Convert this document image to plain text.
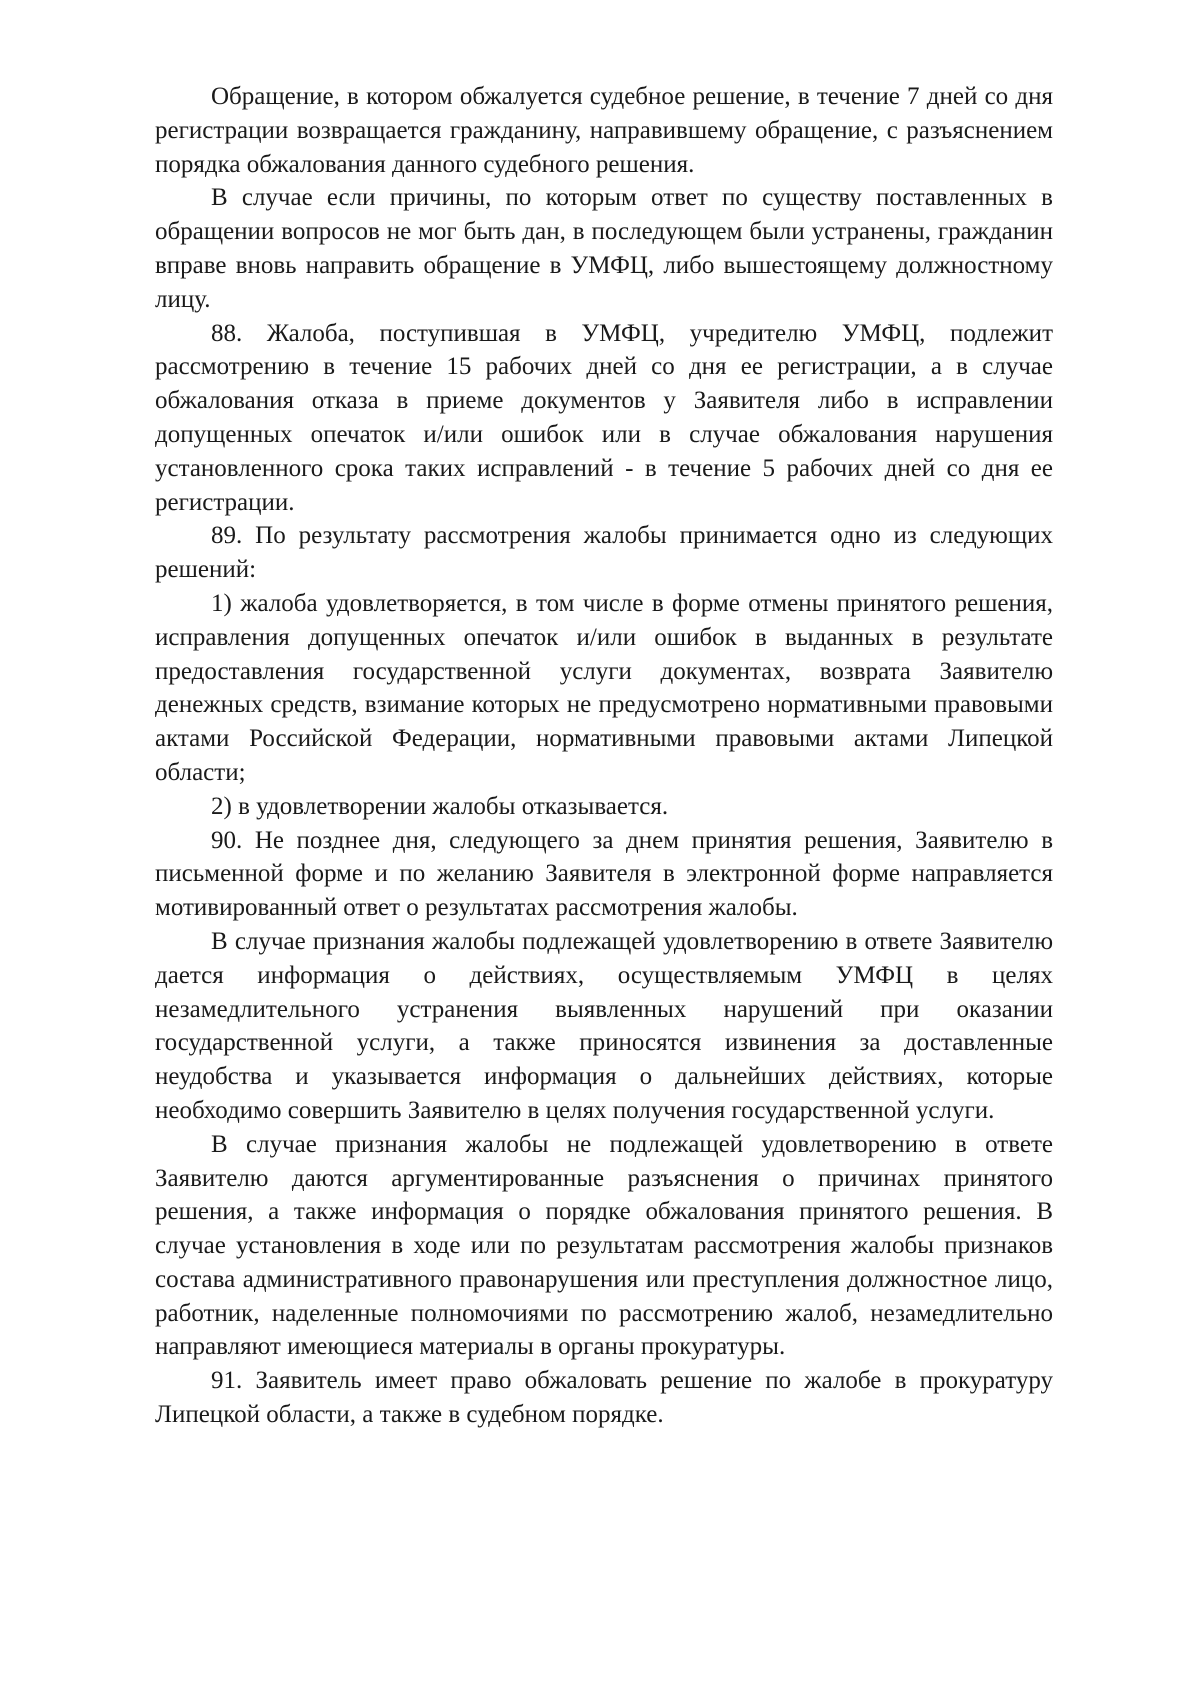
Обращение, в котором обжалуется судебное решение, в течение 7 дней со дня регистрации возвращается гражданину, направившему обращение, с разъяснением порядка обжалования данного судебного решения.

В случае если причины, по которым ответ по существу поставленных в обращении вопросов не мог быть дан, в последующем были устранены, гражданин вправе вновь направить обращение в УМФЦ, либо вышестоящему должностному лицу.

88. Жалоба, поступившая в УМФЦ, учредителю УМФЦ, подлежит рассмотрению в течение 15 рабочих дней со дня ее регистрации, а в случае обжалования отказа в приеме документов у Заявителя либо в исправлении допущенных опечаток и/или ошибок или в случае обжалования нарушения установленного срока таких исправлений - в течение 5 рабочих дней со дня ее регистрации.

89. По результату рассмотрения жалобы принимается одно из следующих решений:

1) жалоба удовлетворяется, в том числе в форме отмены принятого решения, исправления допущенных опечаток и/или ошибок в выданных в результате предоставления государственной услуги документах, возврата Заявителю денежных средств, взимание которых не предусмотрено нормативными правовыми актами Российской Федерации, нормативными правовыми актами Липецкой области;

2) в удовлетворении жалобы отказывается.

90. Не позднее дня, следующего за днем принятия решения, Заявителю в письменной форме и по желанию Заявителя в электронной форме направляется мотивированный ответ о результатах рассмотрения жалобы.

В случае признания жалобы подлежащей удовлетворению в ответе Заявителю дается информация о действиях, осуществляемым УМФЦ в целях незамедлительного устранения выявленных нарушений при оказании государственной услуги, а также приносятся извинения за доставленные неудобства и указывается информация о дальнейших действиях, которые необходимо совершить Заявителю в целях получения государственной услуги.

В случае признания жалобы не подлежащей удовлетворению в ответе Заявителю даются аргументированные разъяснения о причинах принятого решения, а также информация о порядке обжалования принятого решения. В случае установления в ходе или по результатам рассмотрения жалобы признаков состава административного правонарушения или преступления должностное лицо, работник, наделенные полномочиями по рассмотрению жалоб, незамедлительно направляют имеющиеся материалы в органы прокуратуры.

91. Заявитель имеет право обжаловать решение по жалобе в прокуратуру Липецкой области, а также в судебном порядке.
